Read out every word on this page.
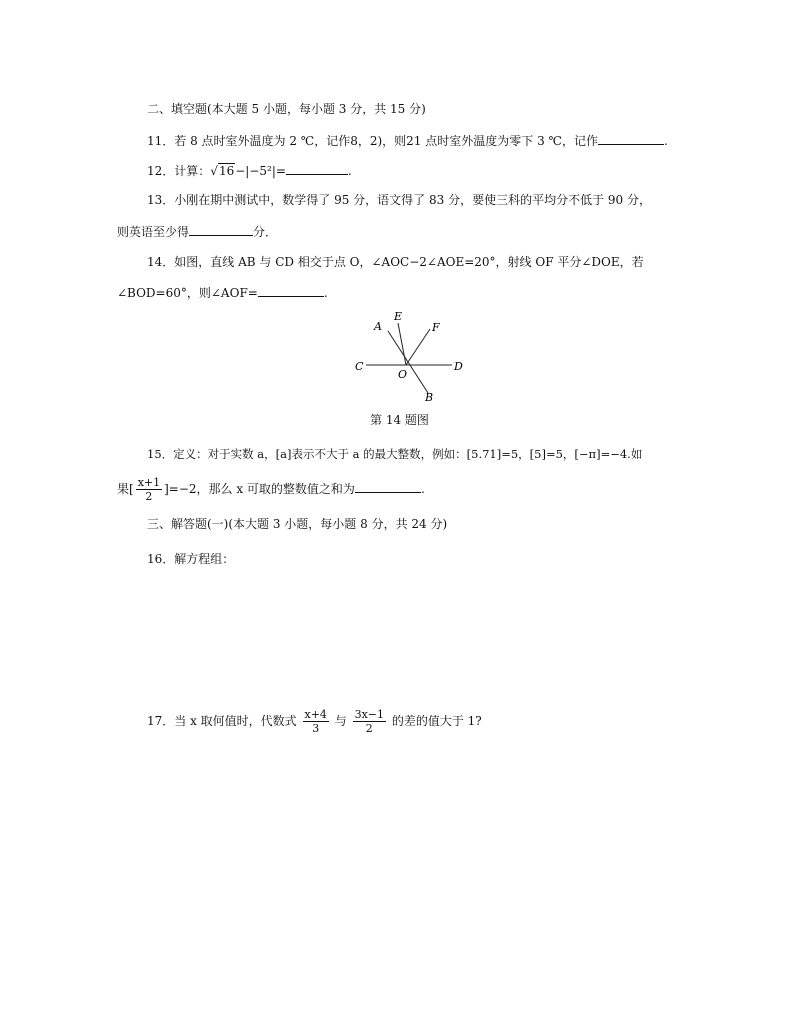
二、填空题(本大题 5 小题，每小题 3 分，共 15 分)
11．若 8 点时室外温度为 2 ℃，记作8，2)，则21 点时室外温度为零下 3 ℃，记作	.
12．计算：√16−|−5²|=	.
13．小刚在期中测试中，数学得了 95 分，语文得了 83 分，要使三科的平均分不低于 90 分，
则英语至少得	分．
14．如图，直线 AB 与 CD 相交于点 O，∠AOC−2∠AOE=20°，射线 OF 平分∠DOE，若
∠BOD=60°，则∠AOF=	.
A
E
F
C
O
D
B
第 14 题图
15．定义：对于实数 a，[a]表示不大于 a 的最大整数，例如：[5.71]=5，[5]=5，[−π]=−4.如
果[ $\frac{x+1}{2} ]=-2$，那么 x 可取的整数值之和为	.
三、解答题(一)(本大题 3 小题，每小题 8 分，共 24 分)
16．解方程组：
17．当 x 取何值时，代数式 $\frac{x+4}{3}$ 与 $\frac{3x-1}{2}$ 的差的值大于 1?
